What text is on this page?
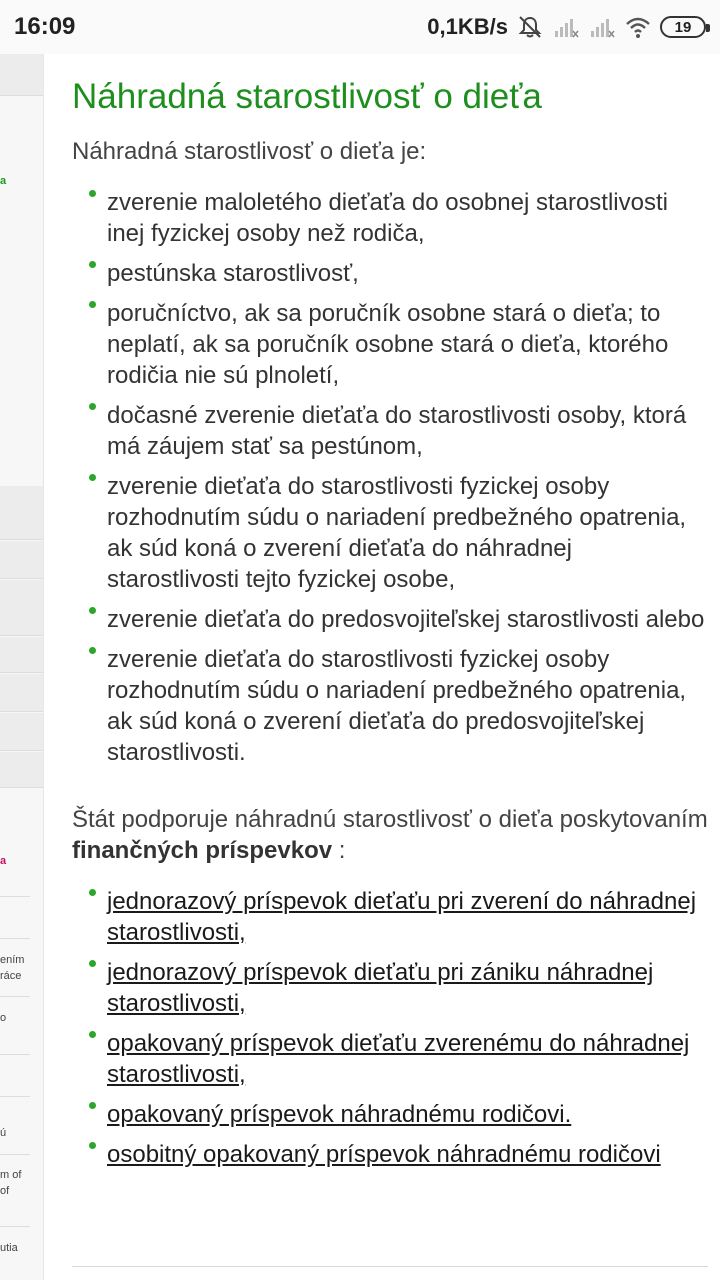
16:09	0,1KB/s	19
a
a
ením
ráce
o
ú
m of
of
utia
Náhradná starostlivosť o dieťa

Náhradná starostlivosť o dieťa je:

zverenie maloletého dieťaťa do osobnej starostlivosti inej fyzickej osoby než rodiča,
pestúnska starostlivosť,
poručníctvo, ak sa poručník osobne stará o dieťa; to neplatí, ak sa poručník osobne stará o dieťa, ktorého rodičia nie sú plnoletí,
dočasné zverenie dieťaťa do starostlivosti osoby, ktorá má záujem stať sa pestúnom,
zverenie dieťaťa do starostlivosti fyzickej osoby rozhodnutím súdu o nariadení predbežného opatrenia, ak súd koná o zverení dieťaťa do náhradnej starostlivosti tejto fyzickej osobe,
zverenie dieťaťa do predosvojiteľskej starostlivosti alebo
zverenie dieťaťa do starostlivosti fyzickej osoby rozhodnutím súdu o nariadení predbežného opatrenia, ak súd koná o zverení dieťaťa do predosvojiteľskej starostlivosti.

Štát podporuje náhradnú starostlivosť o dieťa poskytovaním finančných príspevkov :

jednorazový príspevok dieťaťu pri zverení do náhradnej starostlivosti,
jednorazový príspevok dieťaťu pri zániku náhradnej starostlivosti,
opakovaný príspevok dieťaťu zverenému do náhradnej starostlivosti,
opakovaný príspevok náhradnému rodičovi.
osobitný opakovaný príspevok náhradnému rodičovi
